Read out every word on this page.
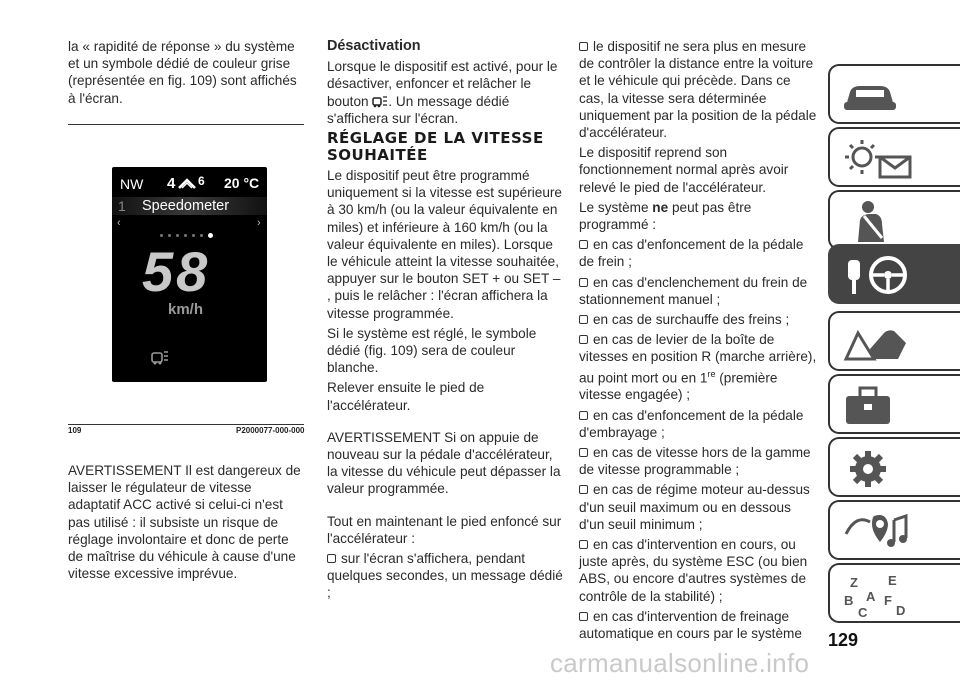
la « rapidité de réponse » du système et un symbole dédié de couleur grise (représentée en fig. 109) sont affichés à l'écran.

NW 4 6 20 °C
1 Speedometer
‹	›
58
km/h
109	P2000077-000-000

AVERTISSEMENT Il est dangereux de laisser le régulateur de vitesse adaptatif ACC activé si celui-ci n'est pas utilisé : il subsiste un risque de réglage involontaire et donc de perte de maîtrise du véhicule à cause d'une vitesse excessive imprévue.

Désactivation

Lorsque le dispositif est activé, pour le désactiver, enfoncer et relâcher le bouton . Un message dédié s'affichera sur l'écran.

RÉGLAGE DE LA VITESSE SOUHAITÉE

Le dispositif peut être programmé uniquement si la vitesse est supérieure à 30 km/h (ou la valeur équivalente en miles) et inférieure à 160 km/h (ou la valeur équivalente en miles). Lorsque le véhicule atteint la vitesse souhaitée, appuyer sur le bouton SET + ou SET – , puis le relâcher : l'écran affichera la vitesse programmée.

Si le système est réglé, le symbole dédié (fig. 109) sera de couleur blanche.

Relever ensuite le pied de l'accélérateur.

AVERTISSEMENT Si on appuie de nouveau sur la pédale d'accélérateur, la vitesse du véhicule peut dépasser la valeur programmée.

Tout en maintenant le pied enfoncé sur l'accélérateur :

sur l'écran s'affichera, pendant quelques secondes, un message dédié ;

le dispositif ne sera plus en mesure de contrôler la distance entre la voiture et le véhicule qui précède. Dans ce cas, la vitesse sera déterminée uniquement par la position de la pédale d'accélérateur.

Le dispositif reprend son fonctionnement normal après avoir relevé le pied de l'accélérateur.

Le système ne peut pas être programmé :

en cas d'enfoncement de la pédale de frein ;

en cas d'enclenchement du frein de stationnement manuel ;

en cas de surchauffe des freins ;

en cas de levier de la boîte de vitesses en position R (marche arrière), au point mort ou en 1re (première vitesse engagée) ;

en cas d'enfoncement de la pédale d'embrayage ;

en cas de vitesse hors de la gamme de vitesse programmable ;

en cas de régime moteur au-dessus d'un seuil maximum ou en dessous d'un seuil minimum ;

en cas d'intervention en cours, ou juste après, du système ESC (ou bien ABS, ou encore d'autres systèmes de contrôle de la stabilité) ;

en cas d'intervention de freinage automatique en cours par le système

Z E
A
B F
C D
129
carmanualsonline.info
